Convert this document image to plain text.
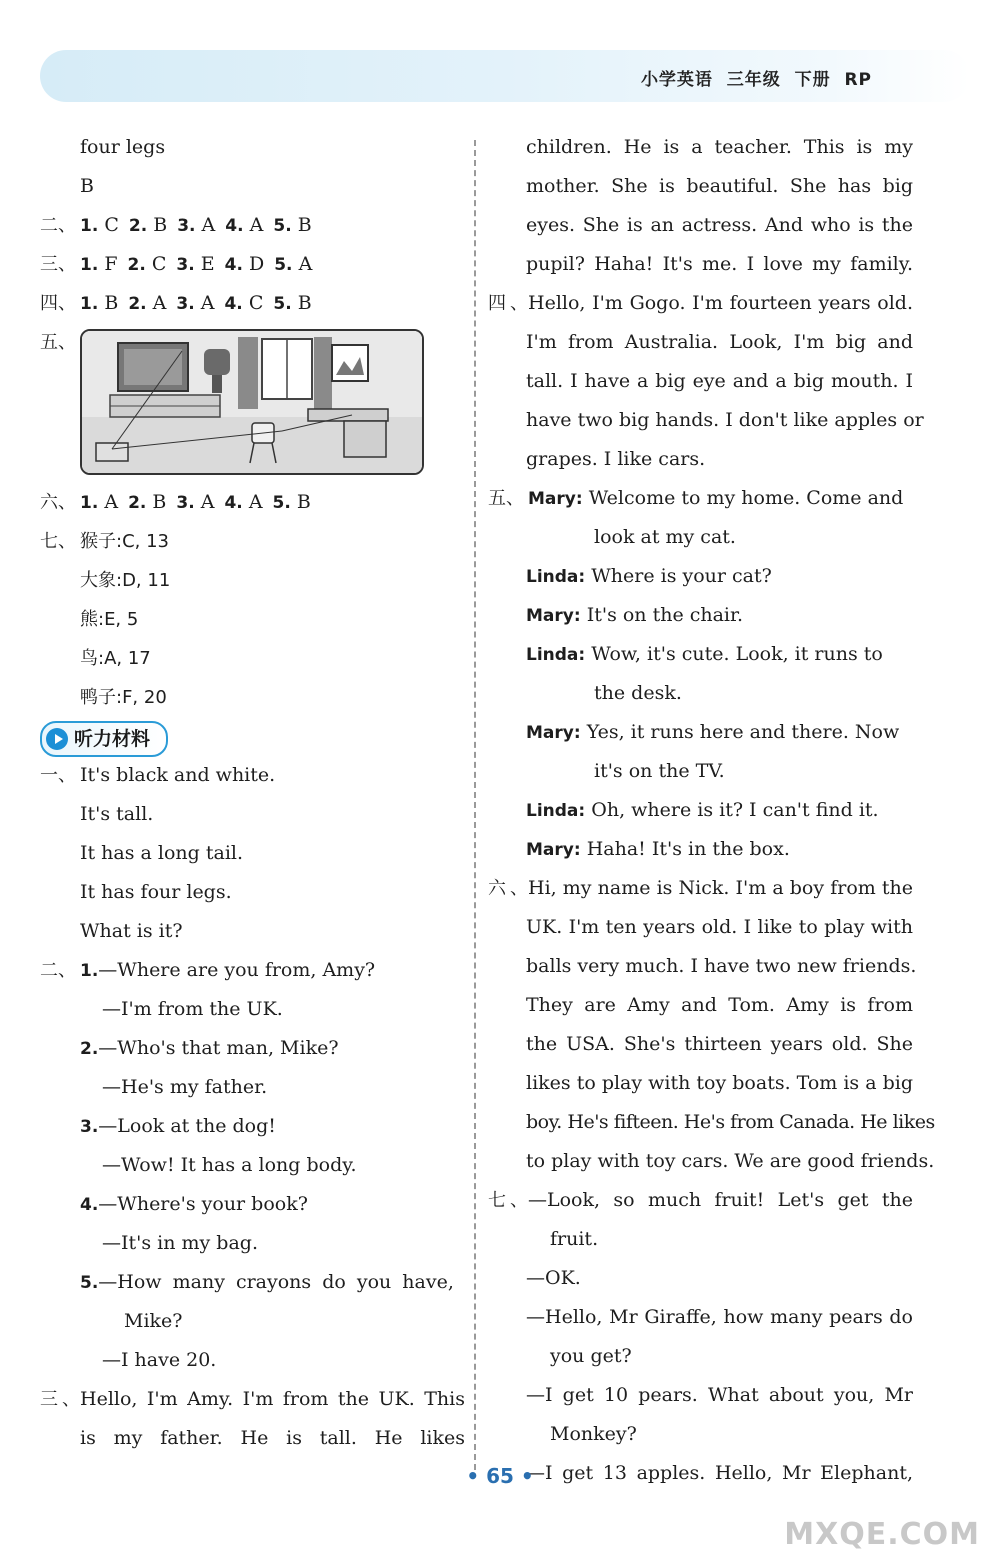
小学英语  三年级  下册  RP
four legs
B
二、 1. C 2. B 3. A 4. A 5. B
三、 1. F 2. C 3. E 4. D 5. A
四、 1. B 2. A 3. A 4. C 5. B
五、
六、 1. A 2. B 3. A 4. A 5. B
七、 猴子:C, 13
大象:D, 11
熊:E, 5
鸟:A, 17
鸭子:F, 20
听力材料
一、 It's black and white.
It's tall.
It has a long tail.
It has four legs.
What is it?
二、 1.—Where are you from, Amy?
—I'm from the UK.
2.—Who's that man, Mike?
—He's my father.
3.—Look at the dog!
—Wow! It has a long body.
4.—Where's your book?
—It's in my bag.
5.—How many crayons do you have,
Mike?
—I have 20.
三、Hello, I'm Amy. I'm from the UK. This
is my father. He is tall. He likes
children. He is a teacher. This is my
mother. She is beautiful. She has big
eyes. She is an actress. And who is the
pupil? Haha! It's me. I love my family.
四、Hello, I'm Gogo. I'm fourteen years old.
I'm from Australia. Look, I'm big and
tall. I have a big eye and a big mouth. I
have two big hands. I don't like apples or
grapes. I like cars.
五、 Mary: Welcome to my home. Come and
look at my cat.
Linda: Where is your cat?
Mary: It's on the chair.
Linda: Wow, it's cute. Look, it runs to
the desk.
Mary: Yes, it runs here and there. Now
it's on the TV.
Linda: Oh, where is it? I can't find it.
Mary: Haha! It's in the box.
六、Hi, my name is Nick. I'm a boy from the
UK. I'm ten years old. I like to play with
balls very much. I have two new friends.
They are Amy and Tom. Amy is from
the USA. She's thirteen years old. She
likes to play with toy boats. Tom is a big
boy. He's fifteen. He's from Canada. He likes
to play with toy cars. We are good friends.
七、—Look, so much fruit! Let's get the
fruit.
—OK.
—Hello, Mr Giraffe, how many pears do
you get?
—I get 10 pears. What about you, Mr
Monkey?
—I get 13 apples. Hello, Mr Elephant,
• 65 •
MXQE.COM
